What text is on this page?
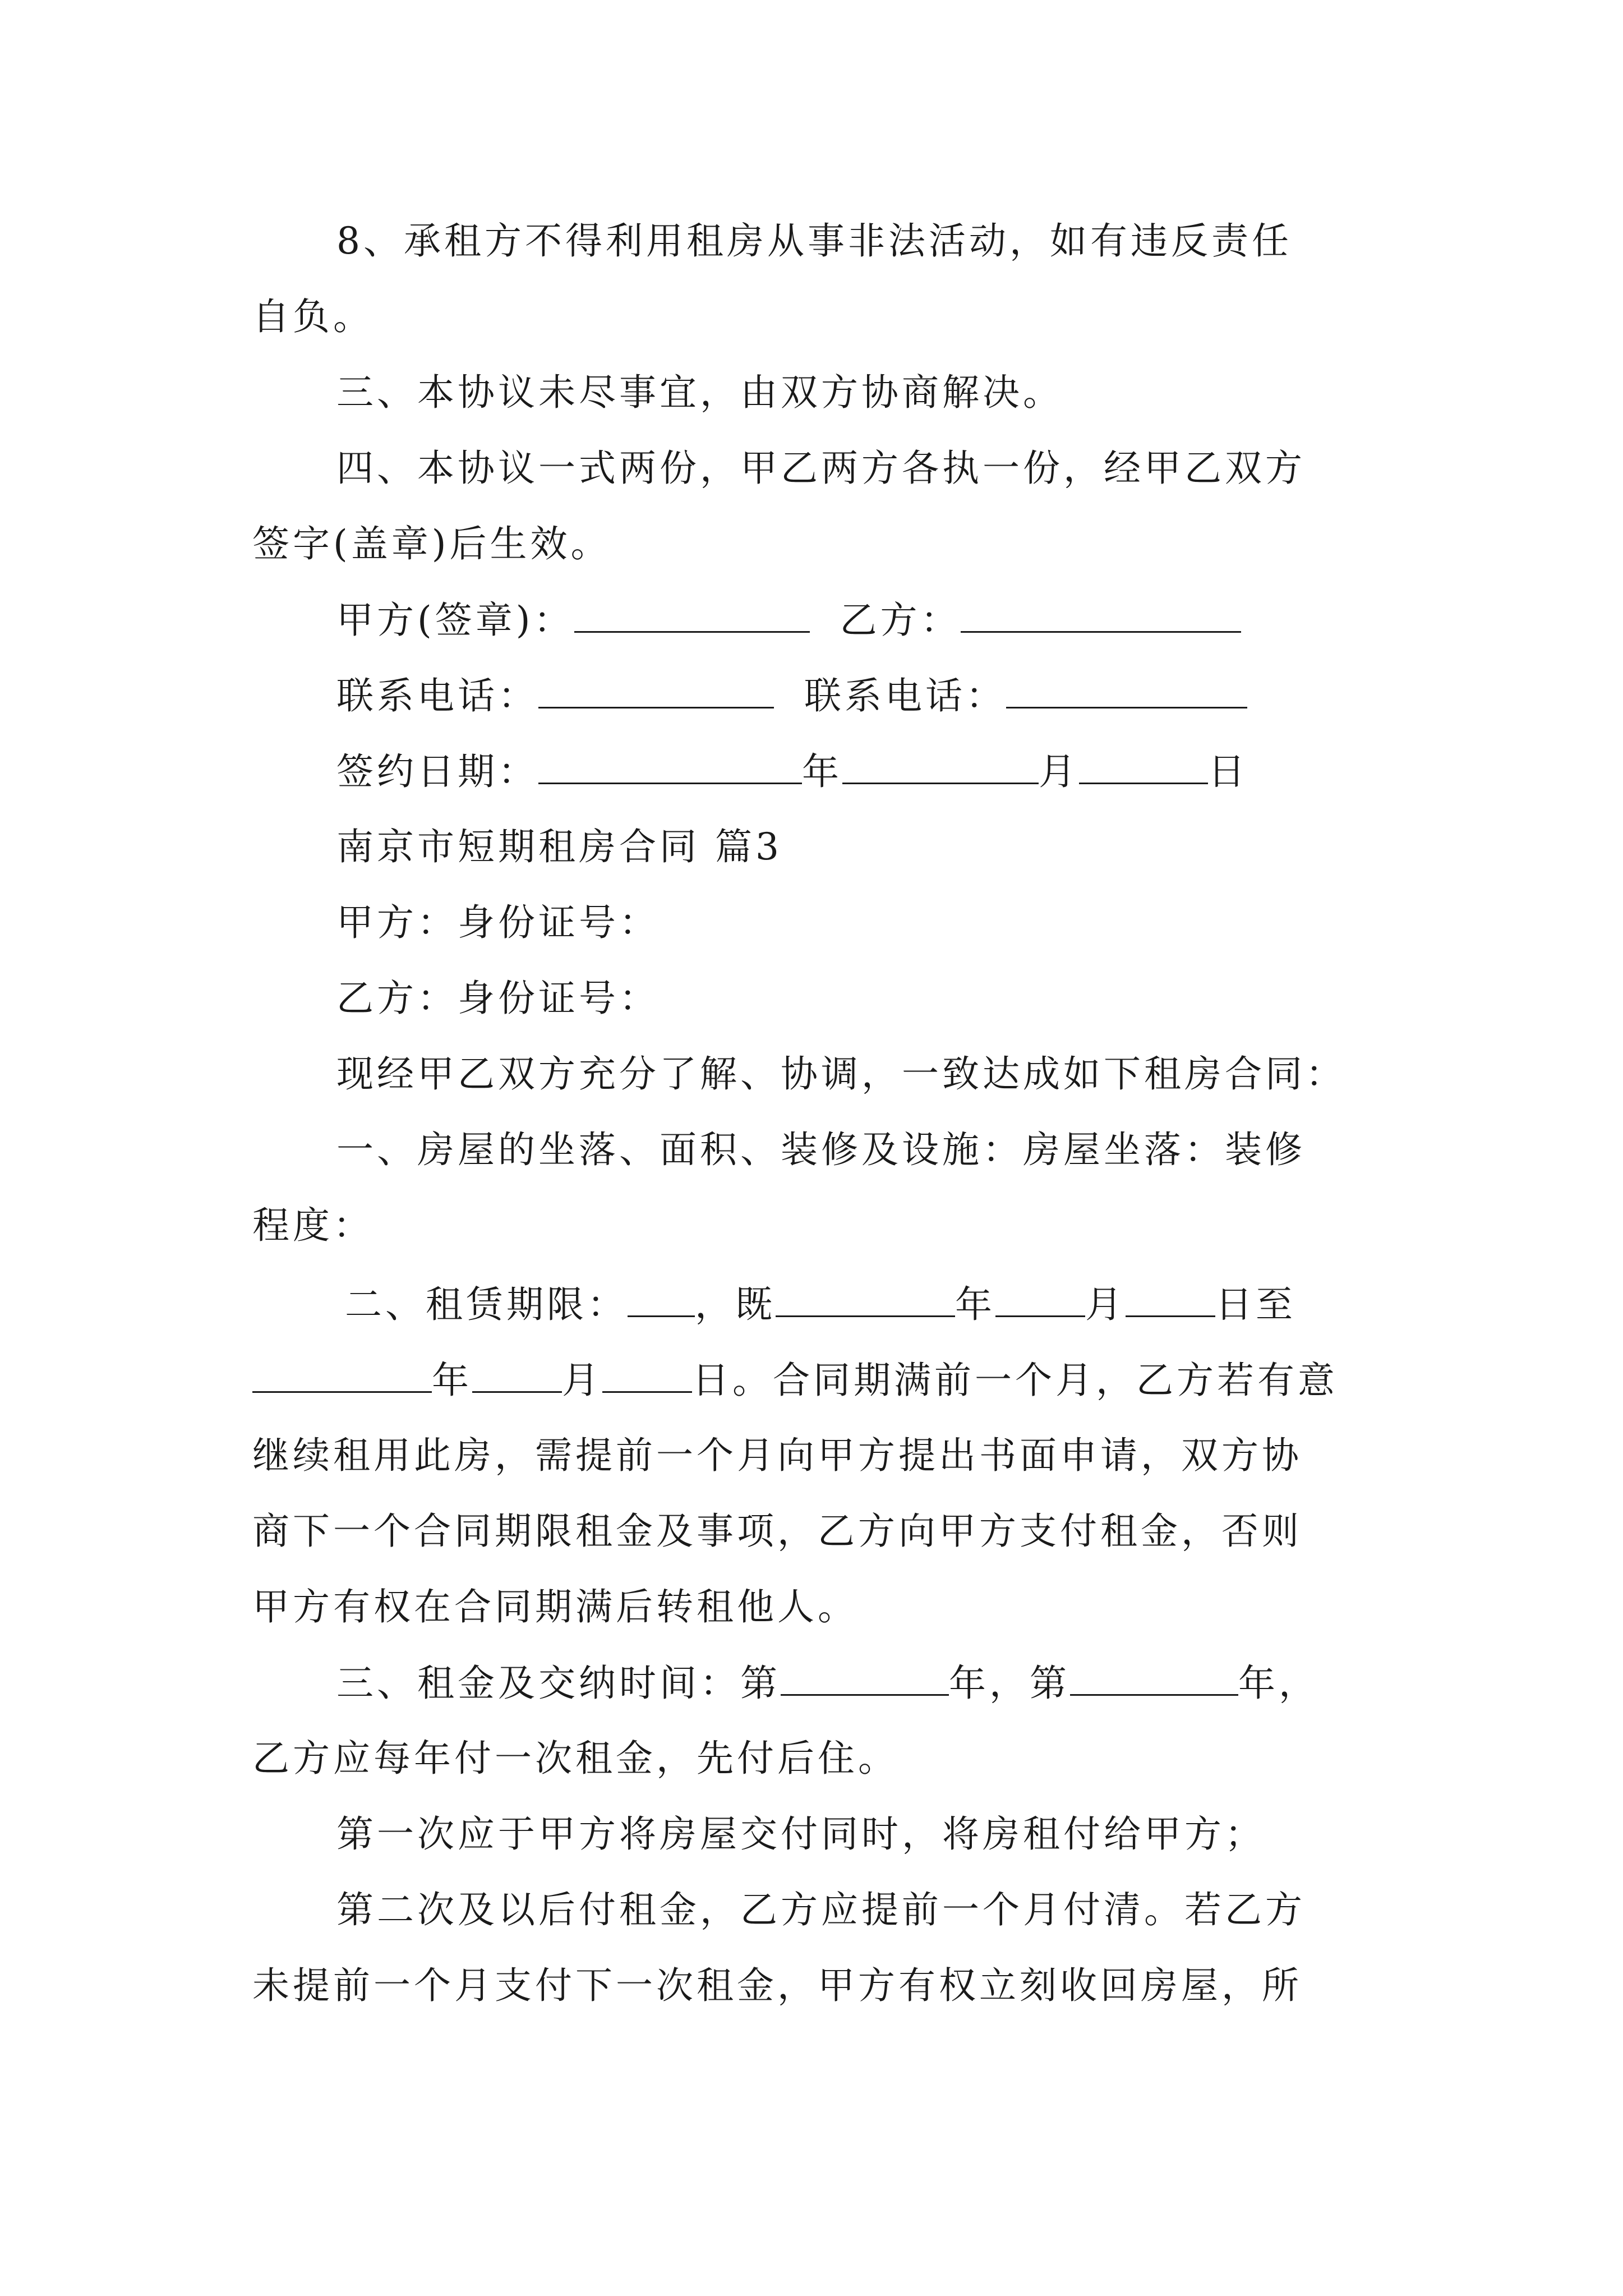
8、承租方不得利用租房从事非法活动，如有违反责任
自负。
三、本协议未尽事宜，由双方协商解决。
四、本协议一式两份，甲乙两方各执一份，经甲乙双方
签字(盖章)后生效。
甲方(签章)：	乙方：
联系电话：	联系电话：
签约日期：	年	月	日
南京市短期租房合同 篇3
甲方：身份证号：
乙方：身份证号：
现经甲乙双方充分了解、协调，一致达成如下租房合同：
一、房屋的坐落、面积、装修及设施：房屋坐落：装修
程度：
二、租赁期限： ，既	年 月 日至
年 月 日。合同期满前一个月，乙方若有意
继续租用此房，需提前一个月向甲方提出书面申请，双方协
商下一个合同期限租金及事项，乙方向甲方支付租金，否则
甲方有权在合同期满后转租他人。
三、租金及交纳时间：第	年，第	年，
乙方应每年付一次租金，先付后住。
第一次应于甲方将房屋交付同时，将房租付给甲方；
第二次及以后付租金，乙方应提前一个月付清。若乙方
未提前一个月支付下一次租金，甲方有权立刻收回房屋，所
